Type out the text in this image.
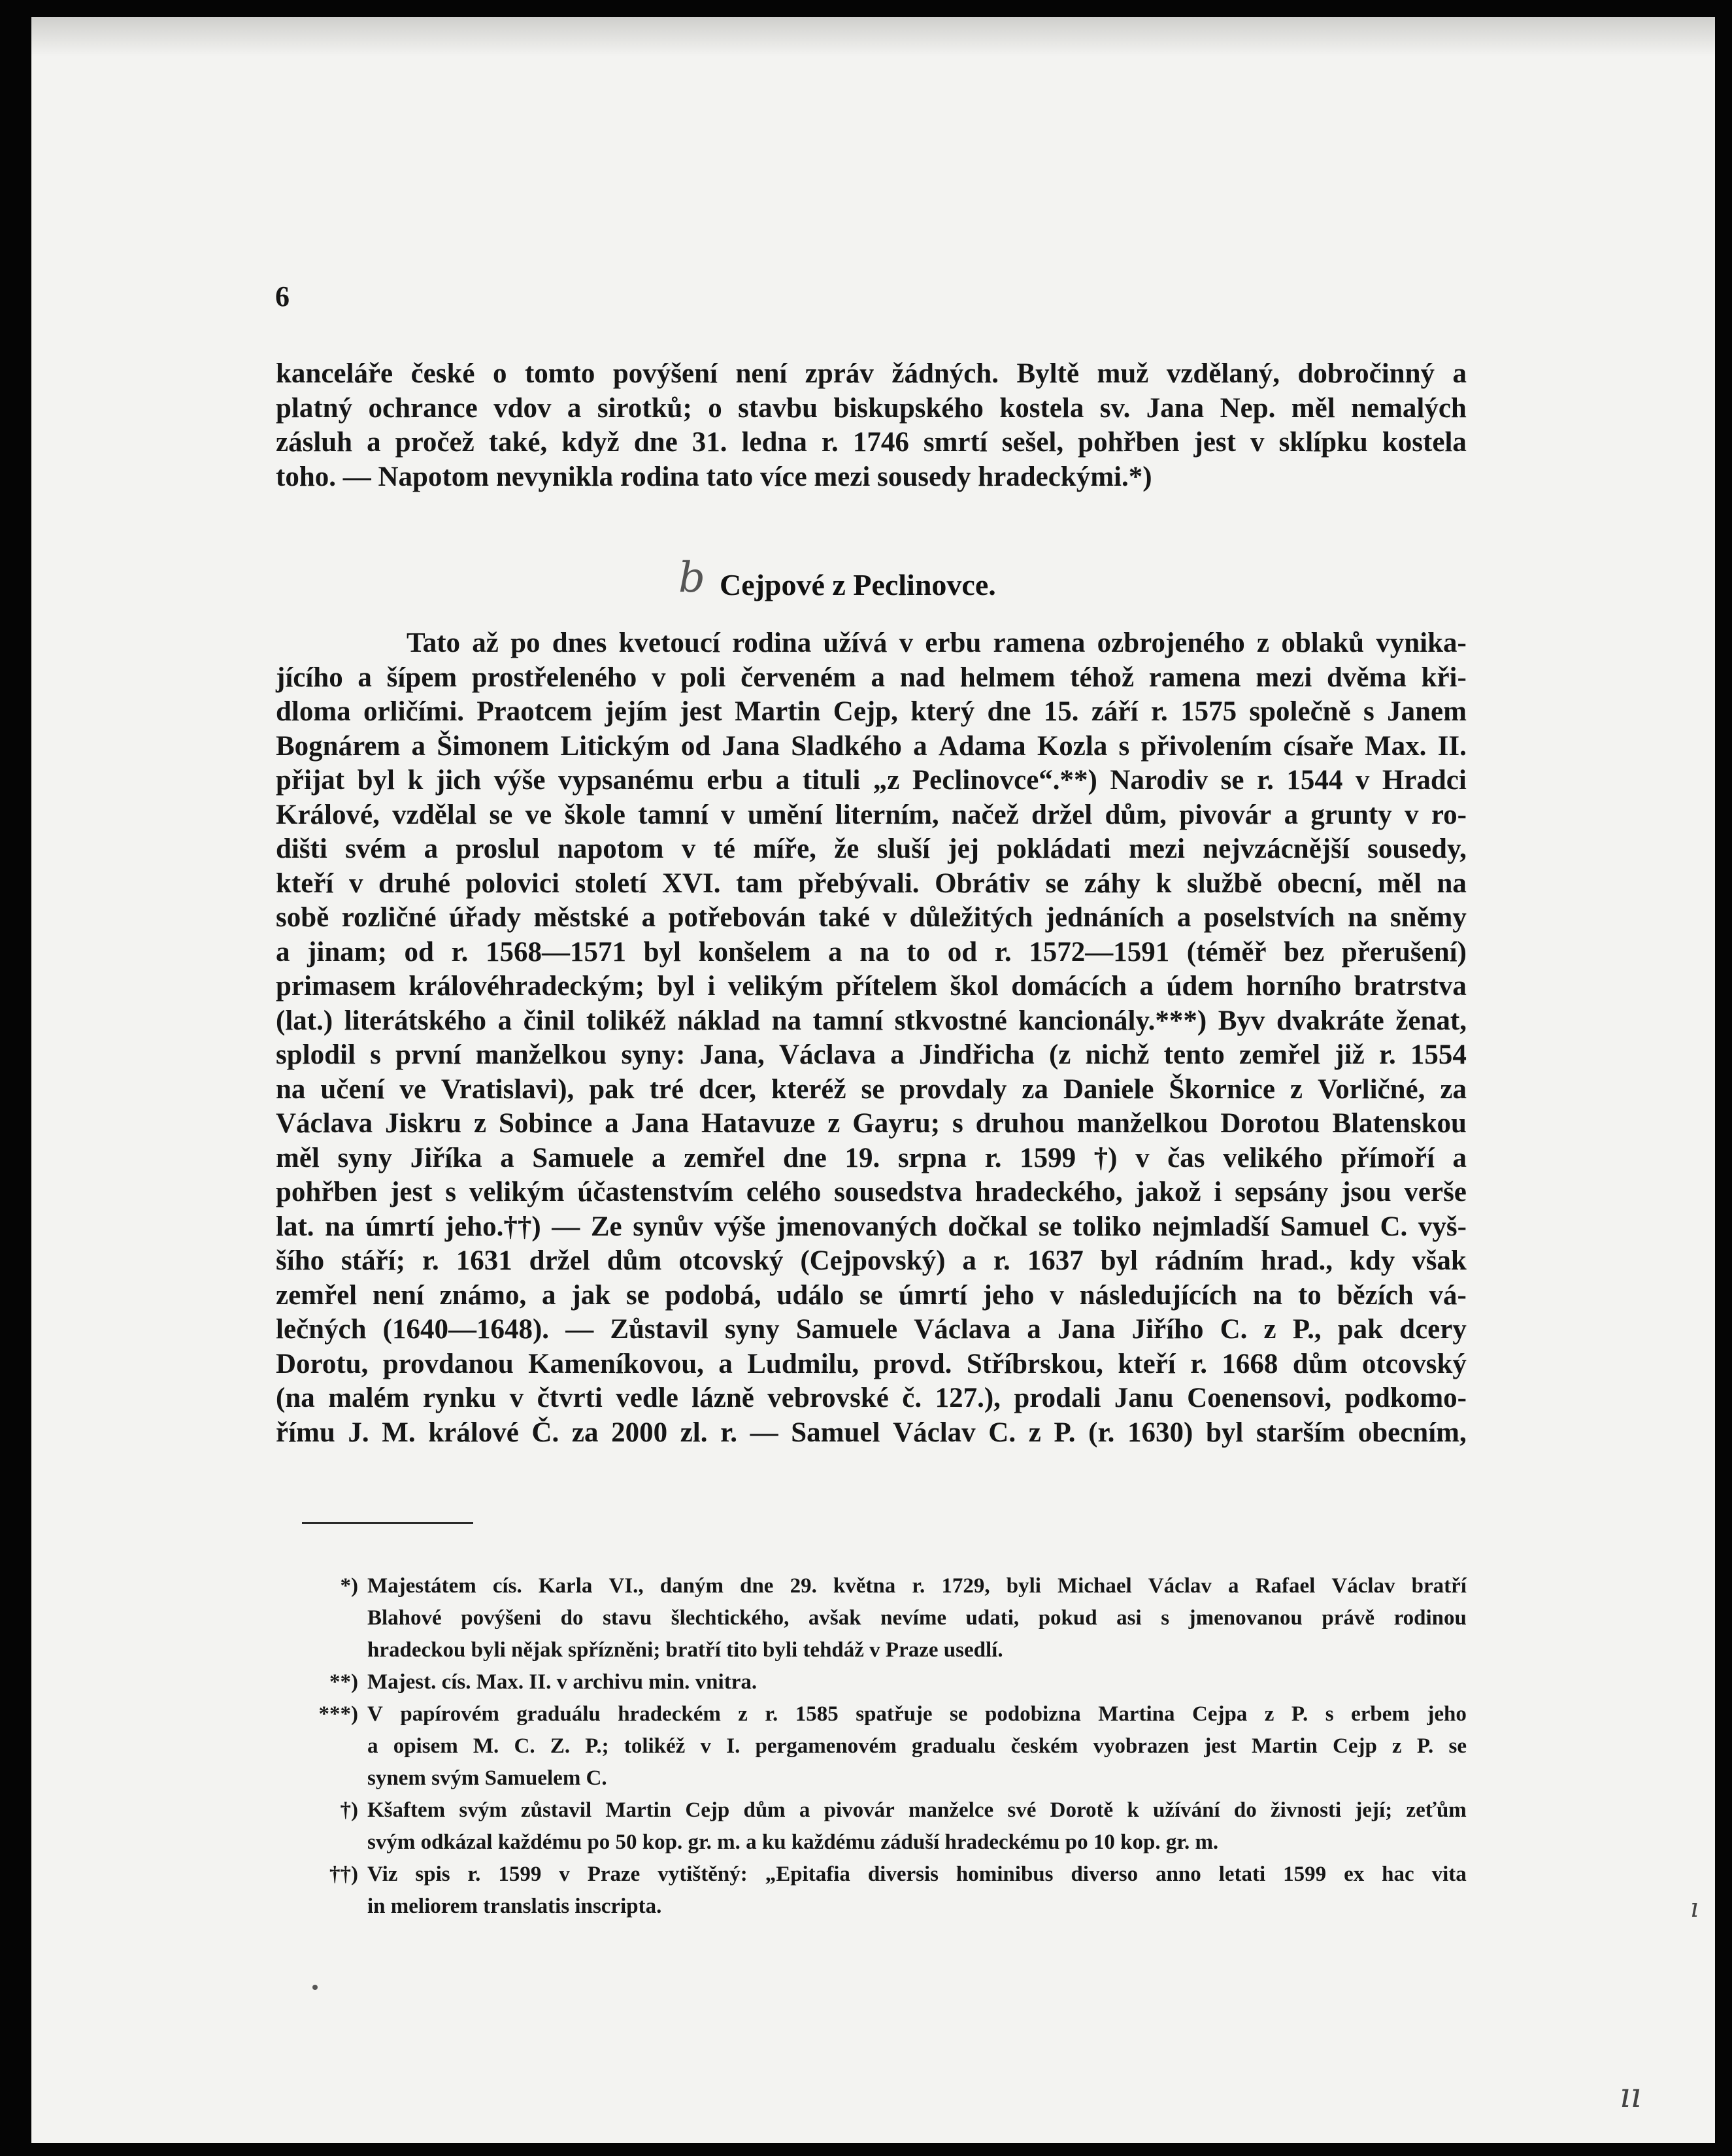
6
kanceláře české o tomto povýšení není zpráv žádných. Byltě muž vzdělaný, dobročinný a
platný ochrance vdov a sirotků; o stavbu biskupského kostela sv. Jana Nep. měl nemalých
zásluh a pročež také, když dne 31. ledna r. 1746 smrtí sešel, pohřben jest v sklípku kostela
toho. — Napotom nevynikla rodina tato více mezi sousedy hradeckými.*)
b Cejpové z Peclinovce.
Tato až po dnes kvetoucí rodina užívá v erbu ramena ozbrojeného z oblaků vynika-
jícího a šípem prostřeleného v poli červeném a nad helmem téhož ramena mezi dvěma kři-
dloma orličími. Praotcem jejím jest Martin Cejp, který dne 15. září r. 1575 společně s Janem
Bognárem a Šimonem Litickým od Jana Sladkého a Adama Kozla s přivolením císaře Max. II.
přijat byl k jich výše vypsanému erbu a tituli „z Peclinovce“.**) Narodiv se r. 1544 v Hradci
Králové, vzdělal se ve škole tamní v umění literním, načež držel dům, pivovár a grunty v ro-
dišti svém a proslul napotom v té míře, že sluší jej pokládati mezi nejvzácnější sousedy,
kteří v druhé polovici století XVI. tam přebývali. Obrátiv se záhy k službě obecní, měl na
sobě rozličné úřady městské a potřebován také v důležitých jednáních a poselstvích na sněmy
a jinam; od r. 1568—1571 byl konšelem a na to od r. 1572—1591 (téměř bez přerušení)
primasem královéhradeckým; byl i velikým přítelem škol domácích a údem horního bratrstva
(lat.) literátského a činil tolikéž náklad na tamní stkvostné kancionály.***) Byv dvakráte ženat,
splodil s první manželkou syny: Jana, Václava a Jindřicha (z nichž tento zemřel již r. 1554
na učení ve Vratislavi), pak tré dcer, kteréž se provdaly za Daniele Škornice z Vorličné, za
Václava Jiskru z Sobince a Jana Hatavuze z Gayru; s druhou manželkou Dorotou Blatenskou
měl syny Jiříka a Samuele a zemřel dne 19. srpna r. 1599 †) v čas velikého přímoří a
pohřben jest s velikým účastenstvím celého sousedstva hradeckého, jakož i sepsány jsou verše
lat. na úmrtí jeho.††) — Ze synův výše jmenovaných dočkal se toliko nejmladší Samuel C. vyš-
šího stáří; r. 1631 držel dům otcovský (Cejpovský) a r. 1637 byl rádním hrad., kdy však
zemřel není známo, a jak se podobá, událo se úmrtí jeho v následujících na to bězích vá-
lečných (1640—1648). — Zůstavil syny Samuele Václava a Jana Jiřího C. z P., pak dcery
Dorotu, provdanou Kameníkovou, a Ludmilu, provd. Stříbrskou, kteří r. 1668 dům otcovský
(na malém rynku v čtvrti vedle lázně vebrovské č. 127.), prodali Janu Coenensovi, podkomo-
římu J. M. králové Č. za 2000 zl. r. — Samuel Václav C. z P. (r. 1630) byl starším obecním,
*) Majestátem cís. Karla VI., daným dne 29. května r. 1729, byli Michael Václav a Rafael Václav bratří
Blahové povýšeni do stavu šlechtického, avšak nevíme udati, pokud asi s jmenovanou právě rodinou
hradeckou byli nějak spřízněni; bratří tito byli tehdáž v Praze usedlí.
**) Majest. cís. Max. II. v archivu min. vnitra.
***) V papírovém graduálu hradeckém z r. 1585 spatřuje se podobizna Martina Cejpa z P. s erbem jeho
a opisem M. C. Z. P.; tolikéž v I. pergamenovém gradualu českém vyobrazen jest Martin Cejp z P. se
synem svým Samuelem C.
†) Kšaftem svým zůstavil Martin Cejp dům a pivovár manželce své Dorotě k užívání do živnosti její; zeťům
svým odkázal každému po 50 kop. gr. m. a ku každému záduší hradeckému po 10 kop. gr. m.
††) Viz spis r. 1599 v Praze vytištěný: „Epitafia diversis hominibus diverso anno letati 1599 ex hac vita
in meliorem translatis inscripta.	ı
ıı
